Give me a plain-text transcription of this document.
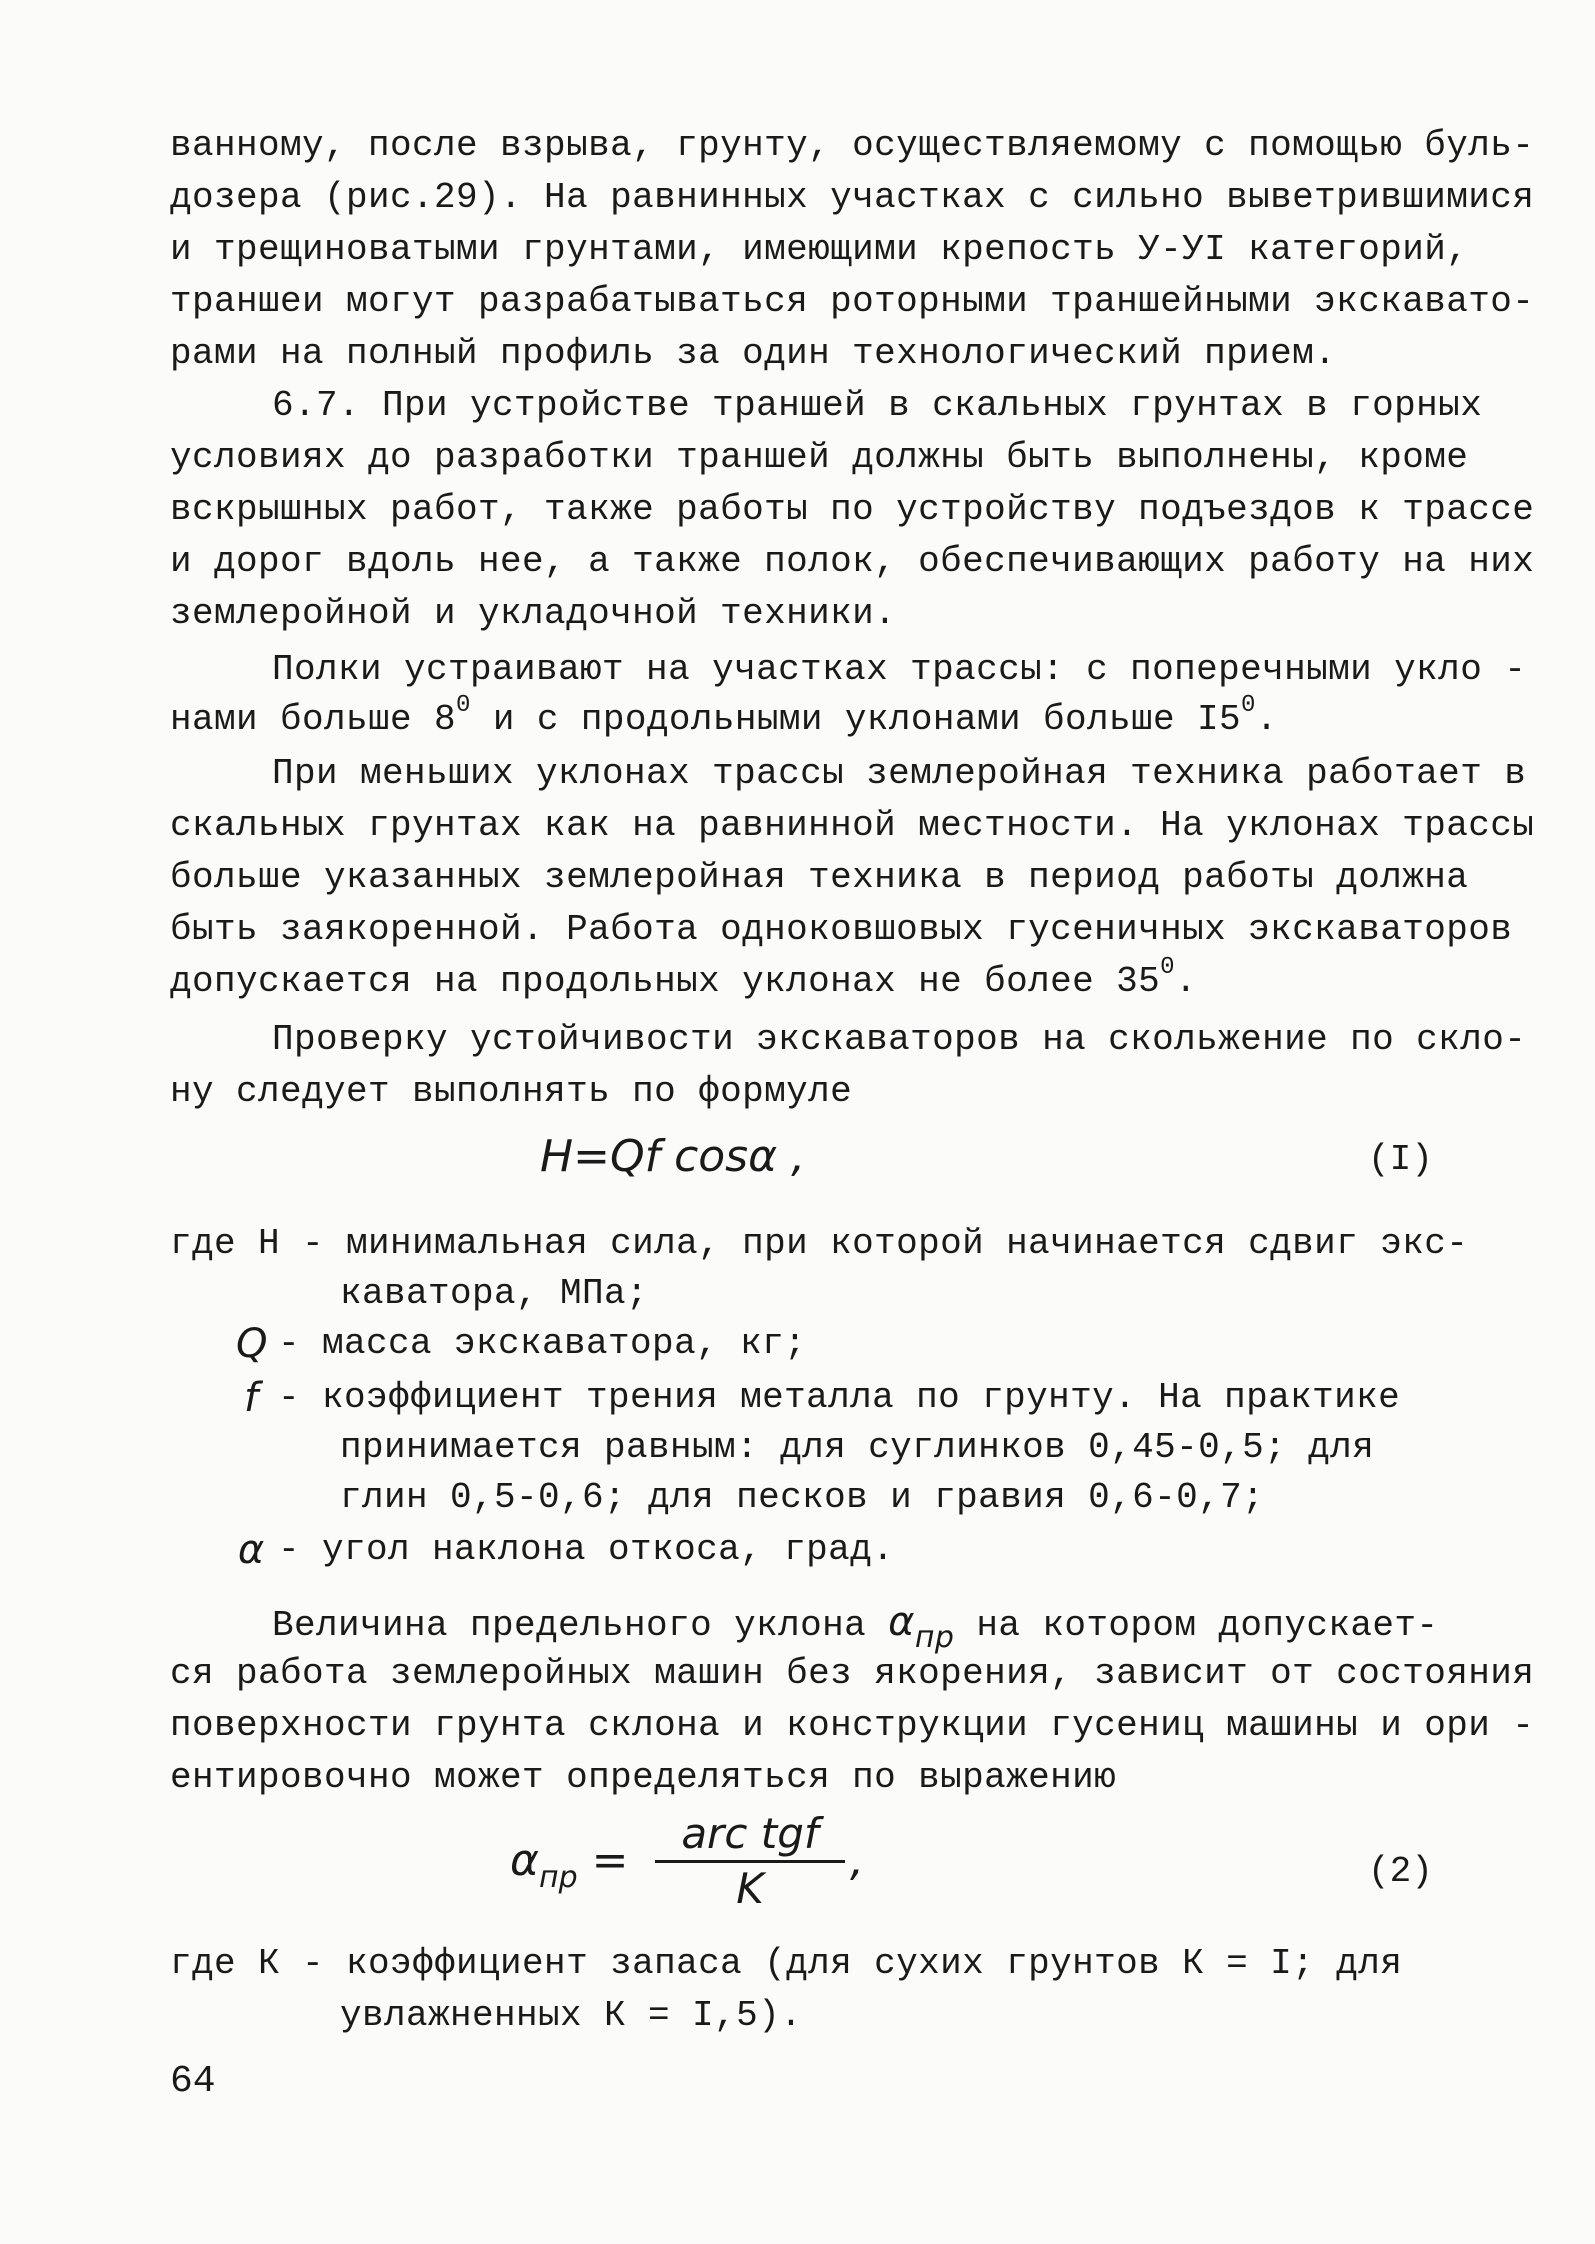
ванному, после взрыва, грунту, осуществляемому с помощью буль-
дозера (рис.29). На равнинных участках с сильно выветрившимися
и трещиноватыми грунтами, имеющими крепость У-УI категорий,
траншеи могут разрабатываться роторными траншейными экскавато-
рами на полный профиль за один технологический прием.
6.7. При устройстве траншей в скальных грунтах в горных
условиях до разработки траншей должны быть выполнены, кроме
вскрышных работ, также работы по устройству подъездов к трассе
и дорог вдоль нее, а также полок, обеспечивающих работу на них
землеройной и укладочной техники.
Полки устраивают на участках трассы: с поперечными укло -
нами больше $8^0$ и с продольными уклонами больше $I5^0$.
При меньших уклонах трассы землеройная техника работает в
скальных грунтах как на равнинной местности. На уклонах трассы
больше указанных землеройная техника в период работы должна
быть заякоренной. Работа одноковшовых гусеничных экскаваторов
допускается на продольных уклонах не более $35^0$.
Проверку устойчивости экскаваторов на скольжение по скло-
ну следует выполнять по формуле
H=Qf cosα ,	(I)
где Н - минимальная сила, при которой начинается сдвиг экс-
каватора, МПа;
Q - масса экскаватора, кг;
f - коэффициент трения металла по грунту. На практике
принимается равным: для суглинков 0,45-0,5; для
глин 0,5-0,6; для песков и гравия 0,6-0,7;
α - угол наклона откоса, град.
Величина предельного уклона $\alpha_{пр}$ на котором допускает-
ся работа землеройных машин без якорения, зависит от состояния
поверхности грунта склона и конструкции гусениц машины и ори -
ентировочно может определяться по выражению
$\alpha_{пр}$ =
arc tgf
K
,	(2)
где К - коэффициент запаса (для сухих грунтов К = I; для
увлажненных К = I,5).
64
